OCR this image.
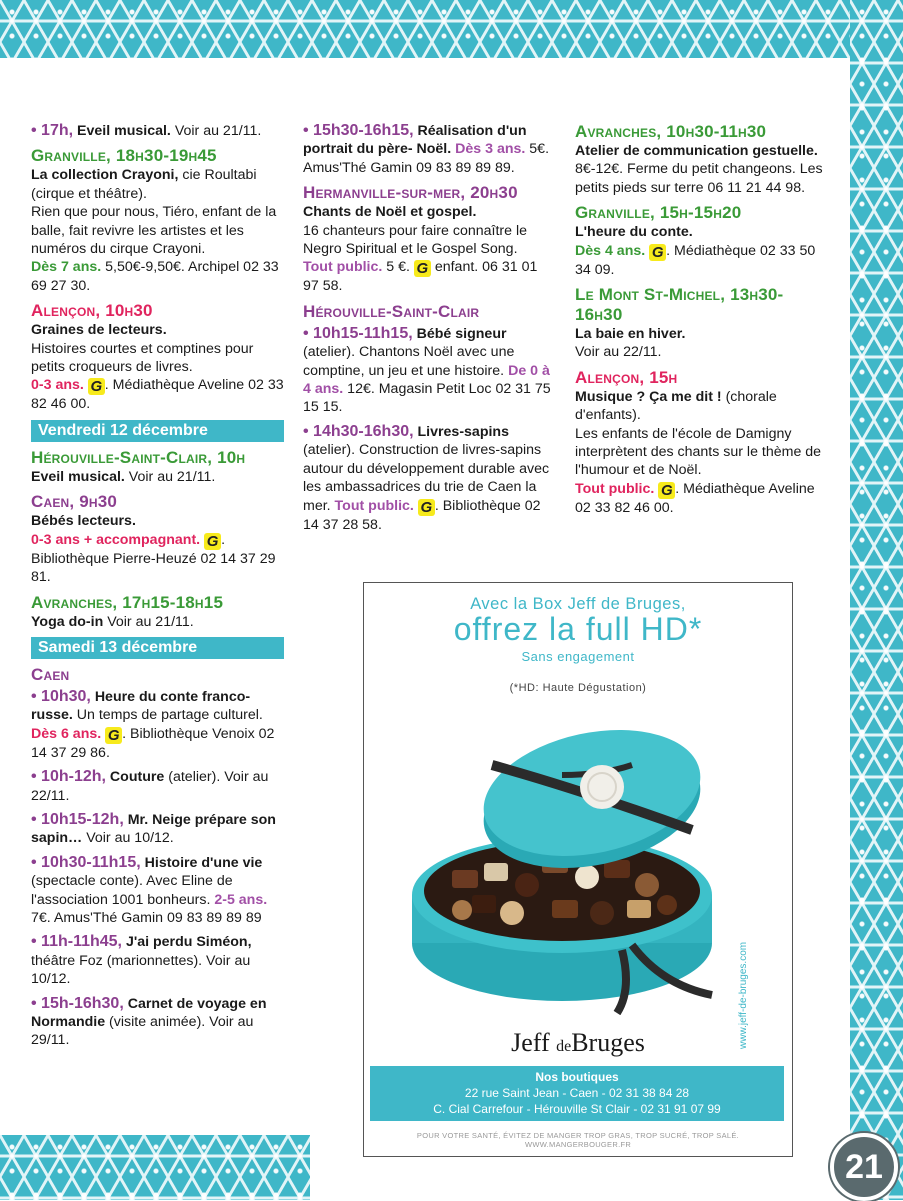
• 17h, Eveil musical. Voir au 21/11.
Granville, 18h30-19h45
La collection Crayoni, cie Roultabi (cirque et théâtre).
Rien que pour nous, Tiéro, enfant de la balle, fait revivre les artistes et les numéros du cirque Crayoni.
Dès 7 ans. 5,50€-9,50€. Archipel 02 33 69 27 30.
Alençon, 10h30
Graines de lecteurs.
Histoires courtes et comptines pour petits croqueurs de livres.
0-3 ans. G . Médiathèque Aveline 02 33 82 46 00.
Vendredi 12 décembre
Hérouville-Saint-Clair, 10h
Eveil musical. Voir au 21/11.
Caen, 9h30
Bébés lecteurs.
0-3 ans + accompagnant. G . Bibliothèque Pierre-Heuzé 02 14 37 29 81.
Avranches, 17h15-18h15
Yoga do-in Voir au 21/11.
Samedi 13 décembre
Caen
• 10h30, Heure du conte franco-russe. Un temps de partage culturel. Dès 6 ans. G . Bibliothèque Venoix 02 14 37 29 86.
• 10h-12h, Couture (atelier). Voir au 22/11.
• 10h15-12h, Mr. Neige prépare son sapin… Voir au 10/12.
• 10h30-11h15, Histoire d'une vie (spectacle conte). Avec Eline de l'association 1001 bonheurs. 2-5 ans. 7€. Amus'Thé Gamin 09 83 89 89 89
• 11h-11h45, J'ai perdu Siméon, théâtre Foz (marionnettes). Voir au 10/12.
• 15h-16h30, Carnet de voyage en Normandie (visite animée). Voir au 29/11.
• 15h30-16h15, Réalisation d'un portrait du père- Noël. Dès 3 ans. 5€. Amus'Thé Gamin 09 83 89 89 89.
Hermanville-sur-mer, 20h30
Chants de Noël et gospel.
16 chanteurs pour faire connaître le Negro Spiritual et le Gospel Song.
Tout public. 5 €. G enfant. 06 31 01 97 58.
Hérouville-Saint-Clair
• 10h15-11h15, Bébé signeur (atelier). Chantons Noël avec une comptine, un jeu et une histoire. De 0 à 4 ans. 12€. Magasin Petit Loc 02 31 75 15 15.
• 14h30-16h30, Livres-sapins (atelier). Construction de livres-sapins autour du développement durable avec les ambassadrices du trie de Caen la mer. Tout public. G . Bibliothèque 02 14 37 28 58.
Avranches, 10h30-11h30
Atelier de communication gestuelle.
8€-12€. Ferme du petit changeons. Les petits pieds sur terre 06 11 21 44 98.
Granville, 15h-15h20
L'heure du conte.
Dès 4 ans. G . Médiathèque 02 33 50 34 09.
Le Mont St-Michel, 13h30-16h30
La baie en hiver.
Voir au 22/11.
Alençon, 15h
Musique ? Ça me dit ! (chorale d'enfants).
Les enfants de l'école de Damigny interprètent des chants sur le thème de l'humour et de Noël.
Tout public. G . Médiathèque Aveline 02 33 82 46 00.
Avec la Box Jeff de Bruges,
offrez la full HD*
Sans engagement
(*HD: Haute Dégustation)

Jeff deBruges	www.jeff-de-bruges.com
Nos boutiques
22 rue Saint Jean - Caen - 02 31 38 84 28
C. Cial Carrefour - Hérouville St Clair - 02 31 91 07 99
POUR VOTRE SANTÉ, ÉVITEZ DE MANGER TROP GRAS, TROP SUCRÉ, TROP SALÉ. WWW.MANGERBOUGER.FR
21
